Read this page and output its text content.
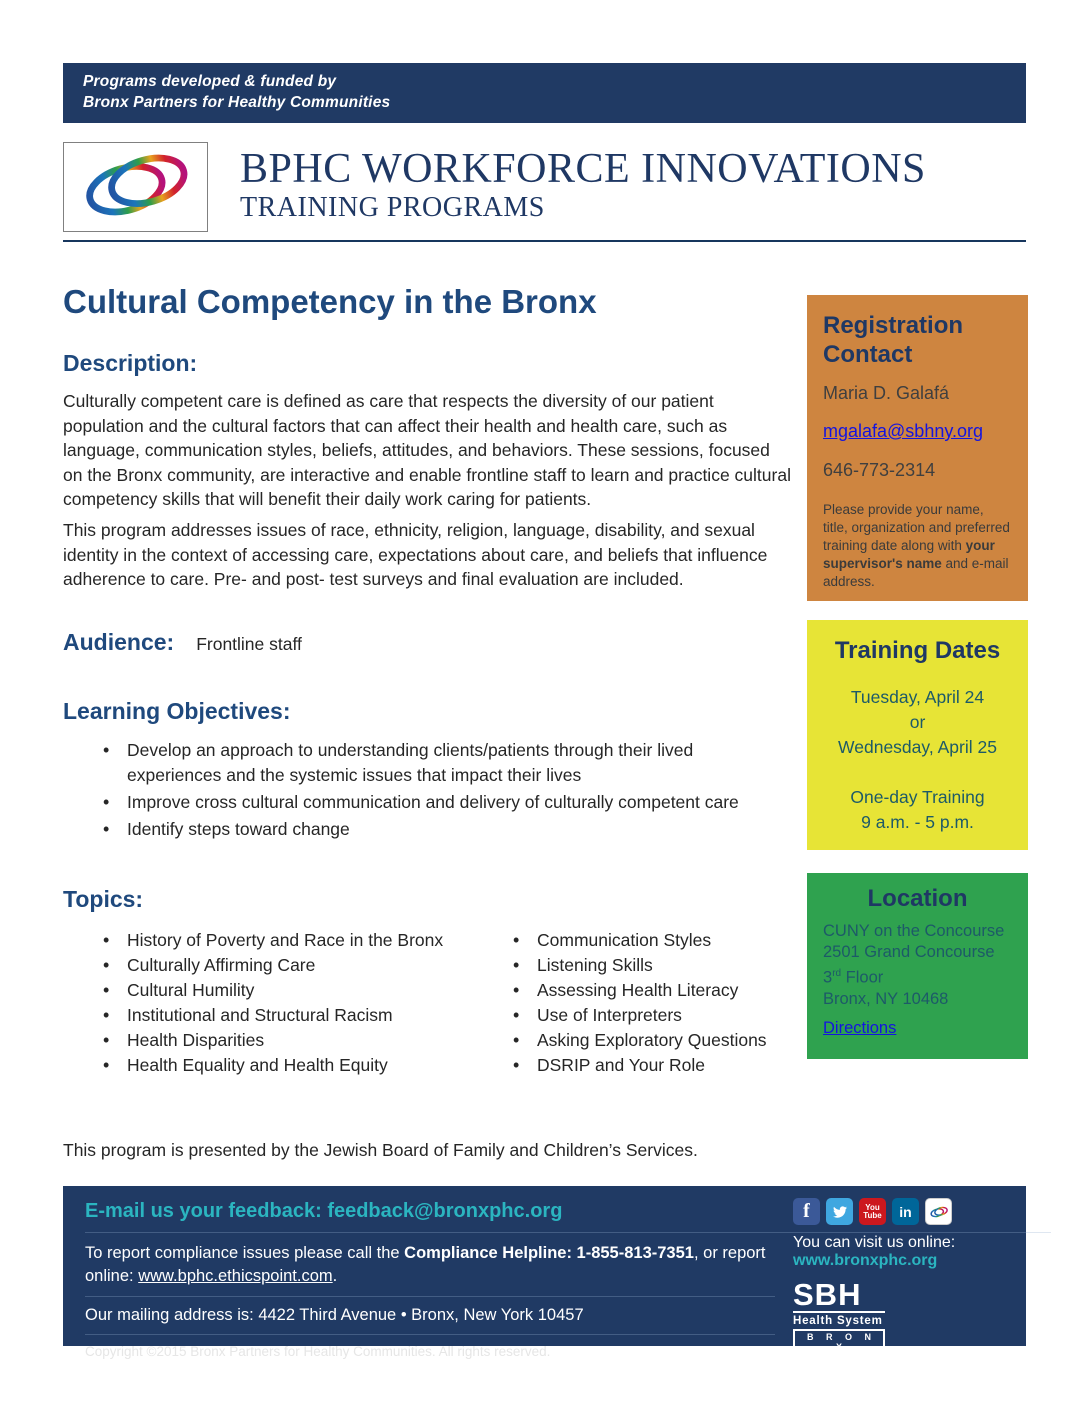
Programs developed & funded by
Bronx Partners for Healthy Communities
BPHC WORKFORCE INNOVATIONS
TRAINING PROGRAMS
Cultural Competency in the Bronx
Description:
Culturally competent care is defined as care that respects the diversity of our patient population and the cultural factors that can affect their health and health care, such as language, communication styles, beliefs, attitudes, and behaviors. These sessions, focused on the Bronx community, are interactive and enable frontline staff to learn and practice cultural competency skills that will benefit their daily work caring for patients.
This program addresses issues of race, ethnicity, religion, language, disability, and sexual identity in the context of accessing care, expectations about care, and beliefs that influence adherence to care. Pre- and post- test surveys and final evaluation are included.
Audience: Frontline staff
Learning Objectives:
• Develop an approach to understanding clients/patients through their lived experiences and the systemic issues that impact their lives
• Improve cross cultural communication and delivery of culturally competent care
• Identify steps toward change
Topics:
• History of Poverty and Race in the Bronx
• Culturally Affirming Care
• Cultural Humility
• Institutional and Structural Racism
• Health Disparities
• Health Equality and Health Equity
• Communication Styles
• Listening Skills
• Assessing Health Literacy
• Use of Interpreters
• Asking Exploratory Questions
• DSRIP and Your Role
Registration Contact
Maria D. Galafá
mgalafa@sbhny.org
646-773-2314
Please provide your name, title, organization and preferred training date along with your supervisor's name and e-mail address.
Training Dates
Tuesday, April 24
or
Wednesday, April 25
One-day Training
9 a.m. - 5 p.m.
Location
CUNY on the Concourse
2501 Grand Concourse
3rd Floor
Bronx, NY 10468
Directions
This program is presented by the Jewish Board of Family and Children’s Services.
E-mail us your feedback: feedback@bronxphc.org
To report compliance issues please call the Compliance Helpline: 1-855-813-7351, or report online: www.bphc.ethicspoint.com.
Our mailing address is: 4422 Third Avenue • Bronx, New York 10457
Copyright ©2015 Bronx Partners for Healthy Communities. All rights reserved.
f	You
Tube in
You can visit us online:
www.bronxphc.org
SBH
Health System
B R O N X
